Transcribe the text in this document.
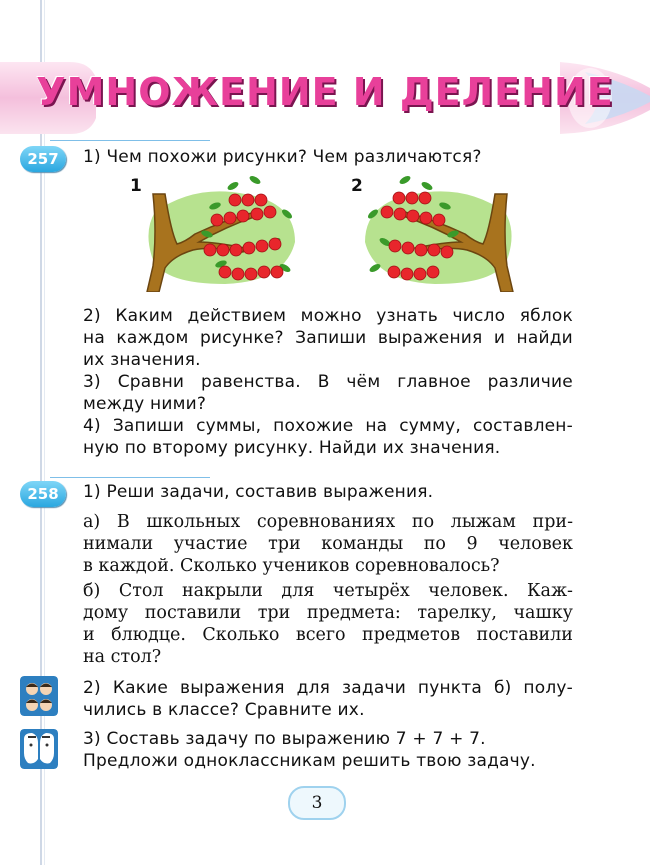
УМНОЖЕНИЕ И ДЕЛЕНИЕ
257	1) Чем похожи рисунки? Чем различаются?
1	2
2) Каким действием можно узнать число яблок
на каждом рисунке? Запиши выражения и найди
их значения.
3) Сравни равенства. В чём главное различие
между ними?
4) Запиши суммы, похожие на сумму, составлен-
ную по второму рисунку. Найди их значения.
258	1) Реши задачи, составив выражения.
а) В школьных соревнованиях по лыжам при-
нимали участие три команды по 9 человек
в каждой. Сколько учеников соревновалось?
б) Стол накрыли для четырёх человек. Каж-
дому поставили три предмета: тарелку, чашку
и блюдце. Сколько всего предметов поставили
на стол?
2) Какие выражения для задачи пункта б) полу-
чились в классе? Сравните их.
3) Составь задачу по выражению 7 + 7 + 7.
Предложи одноклассникам решить твою задачу.
3
